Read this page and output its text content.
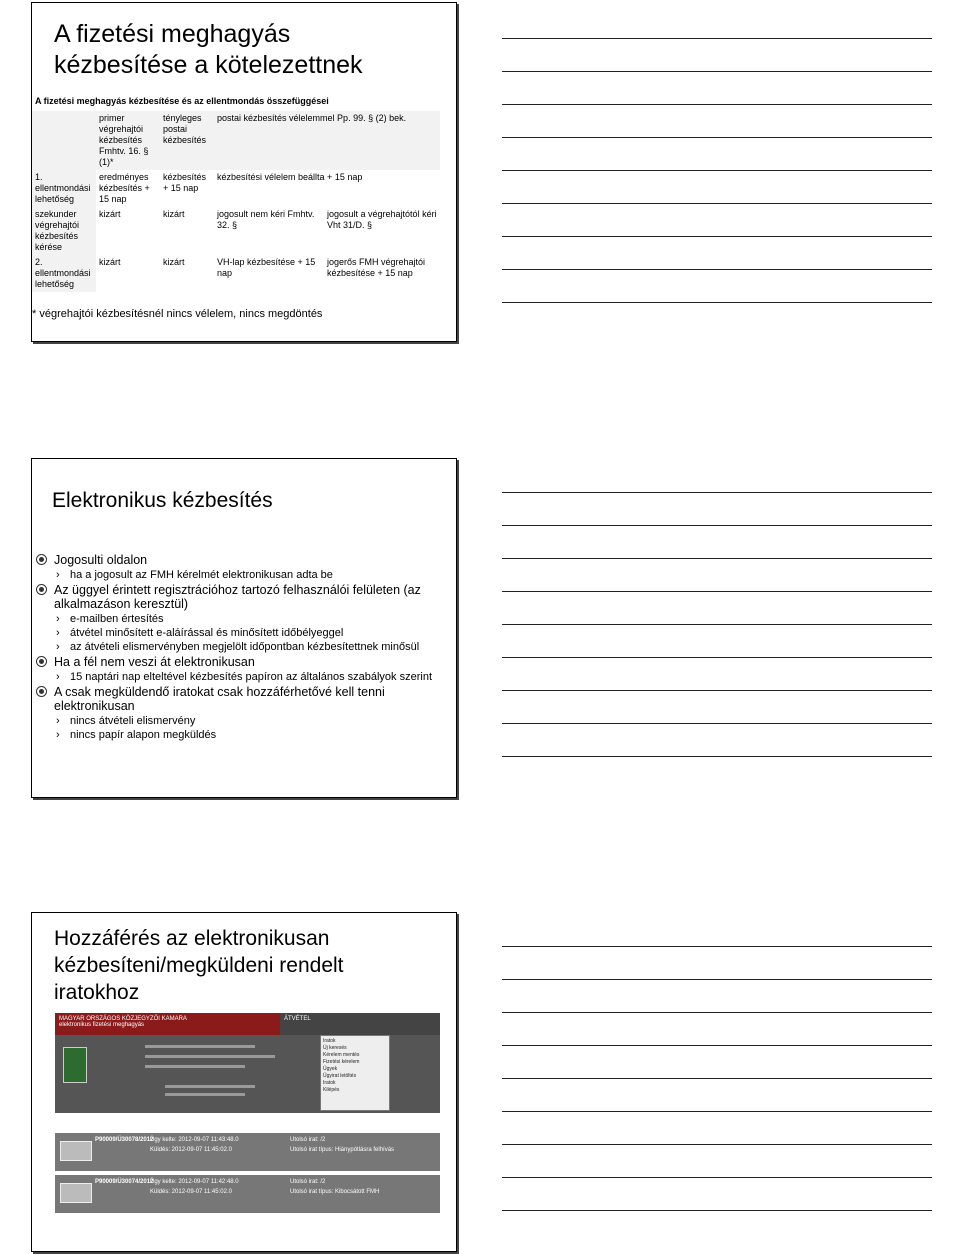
A fizetési meghagyás
kézbesítése a kötelezettnek
A fizetési meghagyás kézbesítése és az ellentmondás összefüggései
	primer végrehajtói kézbesítés Fmhtv. 16. § (1)*	tényleges postai kézbesítés	postai kézbesítés vélelemmel Pp. 99. § (2) bek.	
1. ellentmondási lehetőség	eredményes kézbesítés + 15 nap	kézbesítés + 15 nap	kézbesítési vélelem beállta + 15 nap	
szekunder végrehajtói kézbesítés kérése	kizárt	kizárt	jogosult nem kéri Fmhtv. 32. §	jogosult a végrehajtótól kéri Vht 31/D. §
2. ellentmondási lehetőség	kizárt	kizárt	VH-lap kézbesítése + 15 nap	jogerős FMH végrehajtói kézbesítése + 15 nap
* végrehajtói kézbesítésnél nincs vélelem, nincs megdöntés
Elektronikus kézbesítés
Jogosulti oldalon
› ha a jogosult az FMH kérelmét elektronikusan adta be
Az üggyel érintett regisztrációhoz tartozó felhasználói felületen (az alkalmazáson keresztül)
› e-mailben értesítés
› átvétel minősített e-aláírással és minősített időbélyeggel
› az átvételi elismervényben megjelölt időpontban kézbesítettnek minősül
Ha a fél nem veszi át elektronikusan
› 15 naptári nap elteltével kézbesítés papíron az általános szabályok szerint
A csak megküldendő iratokat csak hozzáférhetővé kell tenni elektronikusan
› nincs átvételi elismervény
› nincs papír alapon megküldés
Hozzáférés az elektronikusan
kézbesíteni/megküldeni rendelt
iratokhoz
MAGYAR ORSZÁGOS KÖZJEGYZŐI KAMARA
elektronikus fizetési meghagyás
ÁTVÉTEL
Iratok
Új keresés
Kérelem mentés
Fizetési kérelem
Ügyek
Ügyirat letöltés
Iratok
Kilépés
P90009/Ü30078/2012
Ügy kelte: 2012-09-07 11:43:48.0
Küldés: 2012-09-07 11:45:02.0
Utolsó irat: /2
Utolsó irat típus: Hiánypótlásra felhívás
P90009/Ü30074/2012
Ügy kelte: 2012-09-07 11:42:48.0
Küldés: 2012-09-07 11:45:02.0
Utolsó irat: /2
Utolsó irat típus: Kibocsátott FMH
